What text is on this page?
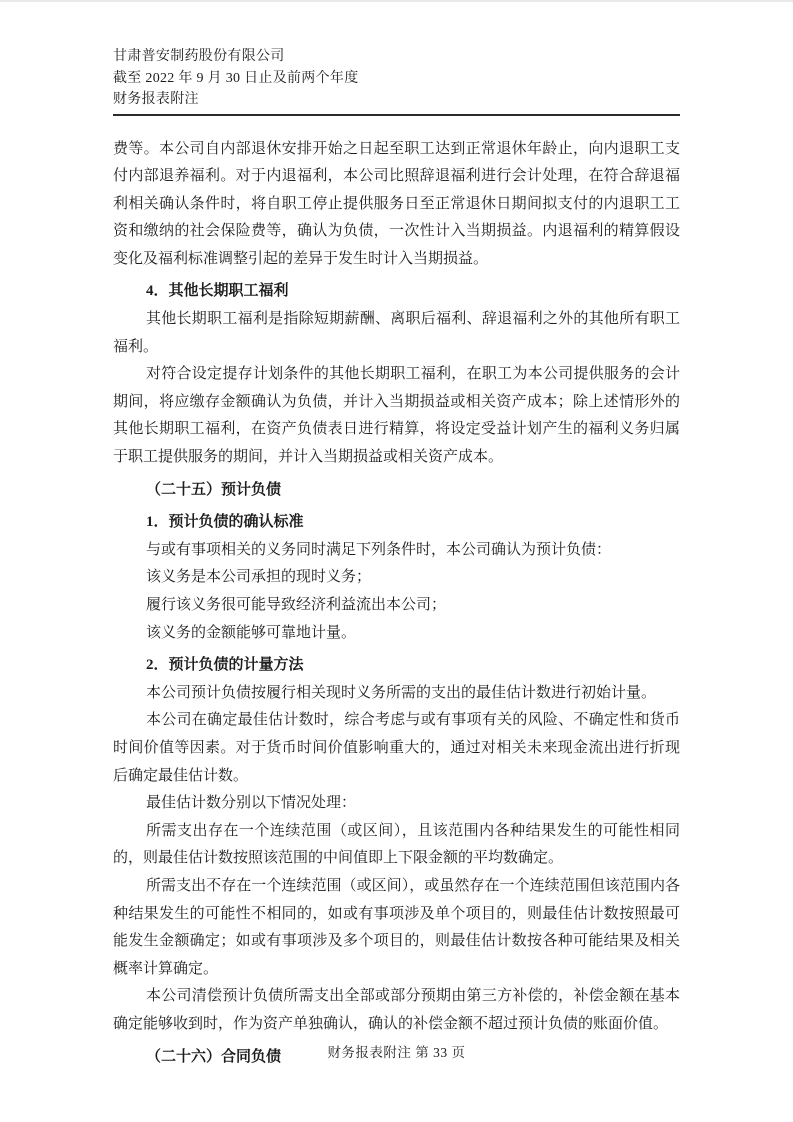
甘肃普安制药股份有限公司
截至 2022 年 9 月 30 日止及前两个年度
财务报表附注

费等。本公司自内部退休安排开始之日起至职工达到正常退休年龄止，向内退职工支付内部退养福利。对于内退福利，本公司比照辞退福利进行会计处理，在符合辞退福利相关确认条件时，将自职工停止提供服务日至正常退休日期间拟支付的内退职工工资和缴纳的社会保险费等，确认为负债，一次性计入当期损益。内退福利的精算假设变化及福利标准调整引起的差异于发生时计入当期损益。

4．其他长期职工福利

其他长期职工福利是指除短期薪酬、离职后福利、辞退福利之外的其他所有职工福利。

对符合设定提存计划条件的其他长期职工福利，在职工为本公司提供服务的会计期间，将应缴存金额确认为负债，并计入当期损益或相关资产成本；除上述情形外的其他长期职工福利，在资产负债表日进行精算，将设定受益计划产生的福利义务归属于职工提供服务的期间，并计入当期损益或相关资产成本。

（二十五）预计负债
1．预计负债的确认标准

与或有事项相关的义务同时满足下列条件时，本公司确认为预计负债：

该义务是本公司承担的现时义务；

履行该义务很可能导致经济利益流出本公司；

该义务的金额能够可靠地计量。

2．预计负债的计量方法

本公司预计负债按履行相关现时义务所需的支出的最佳估计数进行初始计量。

本公司在确定最佳估计数时，综合考虑与或有事项有关的风险、不确定性和货币时间价值等因素。对于货币时间价值影响重大的，通过对相关未来现金流出进行折现后确定最佳估计数。

最佳估计数分别以下情况处理：

所需支出存在一个连续范围（或区间），且该范围内各种结果发生的可能性相同的，则最佳估计数按照该范围的中间值即上下限金额的平均数确定。

所需支出不存在一个连续范围（或区间），或虽然存在一个连续范围但该范围内各种结果发生的可能性不相同的，如或有事项涉及单个项目的，则最佳估计数按照最可能发生金额确定；如或有事项涉及多个项目的，则最佳估计数按各种可能结果及相关概率计算确定。

本公司清偿预计负债所需支出全部或部分预期由第三方补偿的，补偿金额在基本确定能够收到时，作为资产单独确认，确认的补偿金额不超过预计负债的账面价值。

（二十六）合同负债	财务报表附注 第 33 页
